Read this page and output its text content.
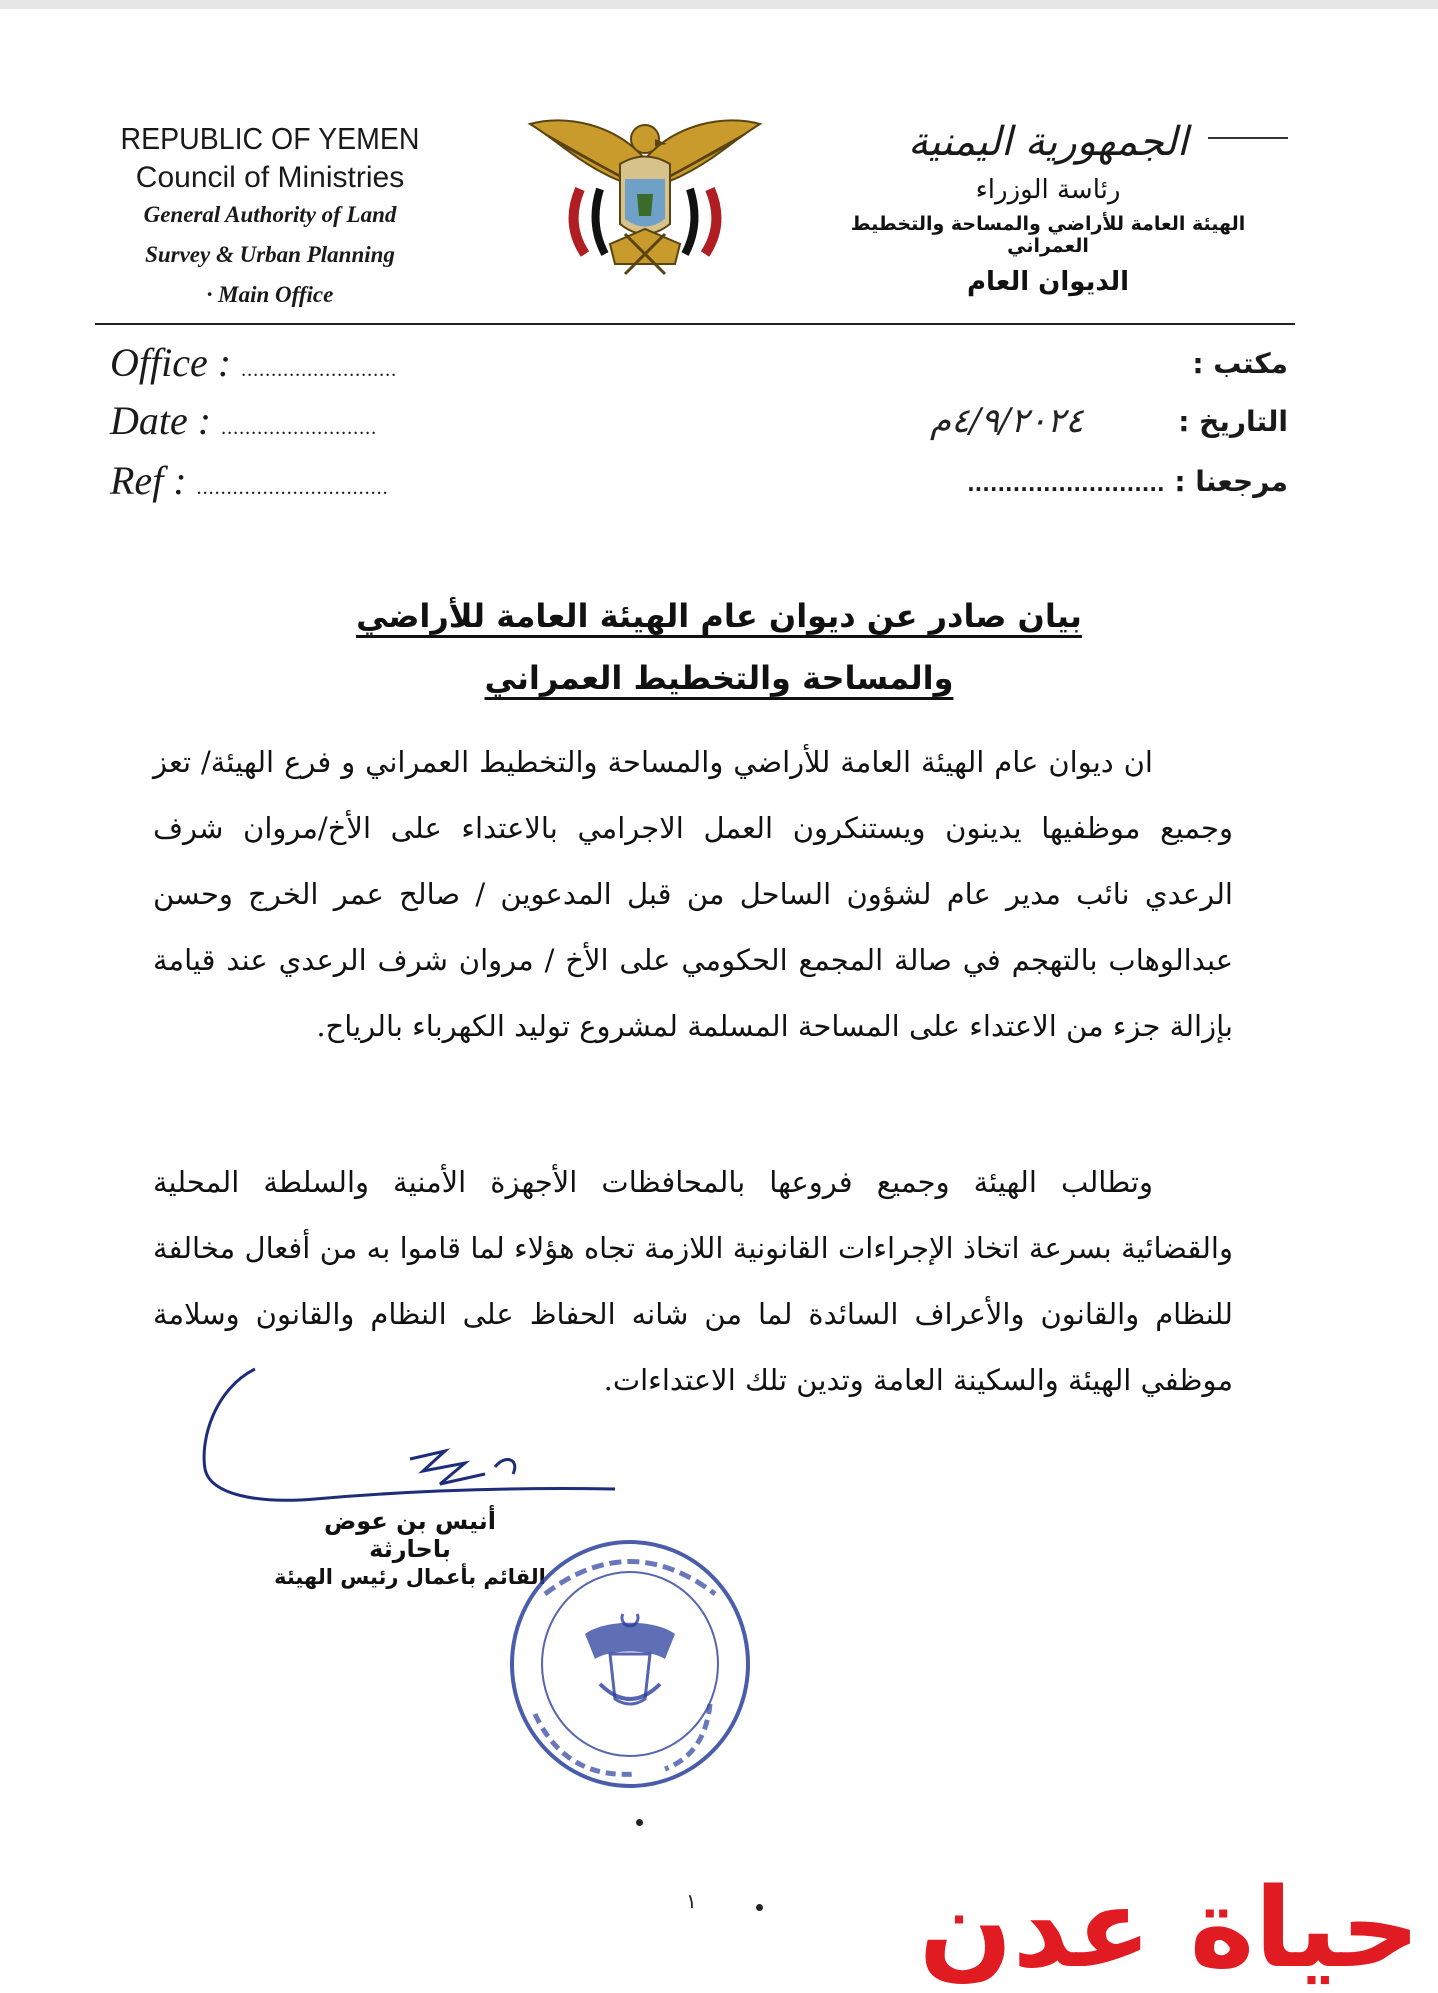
REPUBLIC OF YEMEN
Council of Ministries
General Authority of Land
Survey & Urban Planning
· Main Office
الجمهورية اليمنية
رئاسة الوزراء
الهيئة العامة للأراضي والمساحة والتخطيط العمراني
الديوان العام
Office : ..........................
Date : ..........................
Ref : ................................
مكتب :
التاريخ :
٤/٩/٢٠٢٤م
مرجعنا : ..........................
بيان صادر عن ديوان عام الهيئة العامة للأراضي
والمساحة والتخطيط العمراني
ان ديوان عام الهيئة العامة للأراضي والمساحة والتخطيط العمراني و فرع الهيئة/ تعز وجميع موظفيها يدينون ويستنكرون العمل الاجرامي بالاعتداء على الأخ/مروان شرف الرعدي نائب مدير عام لشؤون الساحل من قبل المدعوين / صالح عمر الخرج وحسن عبدالوهاب بالتهجم في صالة المجمع الحكومي على الأخ / مروان شرف الرعدي عند قيامة بإزالة جزء من الاعتداء على المساحة المسلمة لمشروع توليد الكهرباء بالرياح.
وتطالب الهيئة وجميع فروعها بالمحافظات الأجهزة الأمنية والسلطة المحلية والقضائية بسرعة اتخاذ الإجراءات القانونية اللازمة تجاه هؤلاء لما قاموا به من أفعال مخالفة للنظام والقانون والأعراف السائدة لما من شانه الحفاظ على النظام والقانون وسلامة موظفي الهيئة والسكينة العامة وتدين تلك الاعتداءات.
أنيس بن عوض باحارثة
القائم بأعمال رئيس الهيئة
١ حياة عدن
